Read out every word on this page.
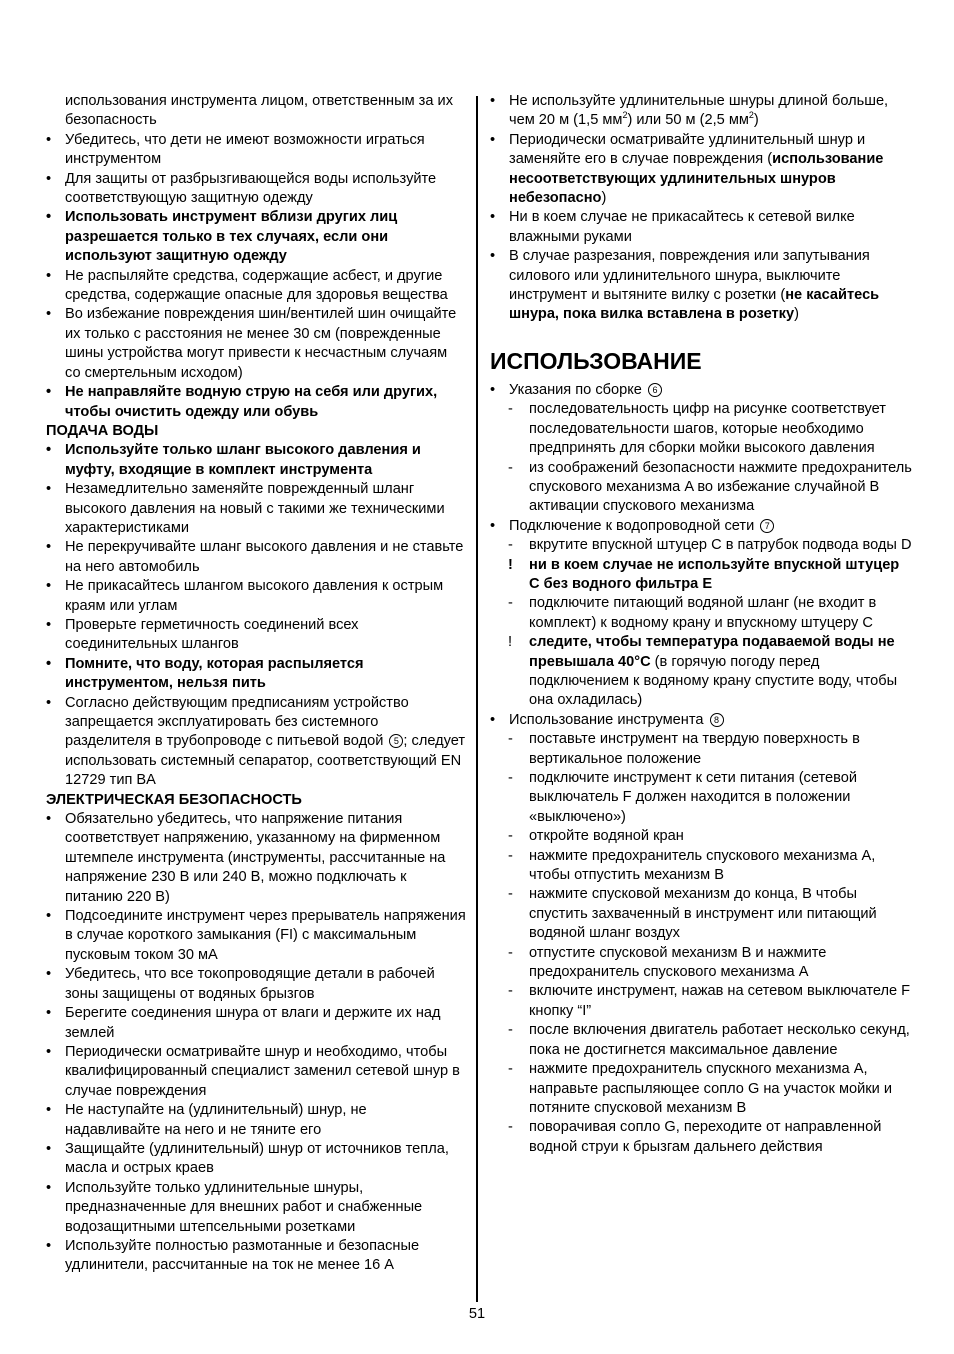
использования инструмента лицом, ответственным за их безопасность
• Убедитесь, что дети не имеют возможности играться инструментом
• Для защиты от разбрызгивающейся воды используйте соответствующую защитную одежду
• Использовать инструмент вблизи других лиц разрешается только в тех случаях, если они используют защитную одежду
• Не распыляйте средства, содержащие асбест, и другие средства, содержащие опасные для здоровья вещества
• Во избежание повреждения шин/вентилей шин очищайте их только с расстояния не менее 30 см (поврежденные шины устройства могут привести к несчастным случаям со смертельным исходом)
• Не направляйте водную струю на себя или других, чтобы очистить одежду или обувь
ПОДАЧА ВОДЫ
• Используйте только шланг высокого давления и муфту, входящие в комплект инструмента
• Незамедлительно заменяйте поврежденный шланг высокого давления на новый с такими же техническими характеристиками
• Не перекручивайте шланг высокого давления и не ставьте на него автомобиль
• Не прикасайтесь шлангом высокого давления к острым краям или углам
• Проверьте герметичность соединений всех соединительных шлангов
• Помните, что воду, которая распыляется инструментом, нельзя пить
• Согласно действующим предписаниям устройство запрещается эксплуатировать без системного разделителя в трубопроводе с питьевой водой 5 ; следует использовать системный сепаратор, соответствующий EN 12729 тип BA
ЭЛЕКТРИЧЕСКАЯ БЕЗОПАСНОСТЬ
• Обязательно убедитесь, что напряжение питания соответствует напряжению, указанному на фирменном штемпеле инструмента (инструменты, рассчитанные на напряжение 230 В или 240 В, можно подключать к питанию 220 В)
• Подсоедините инструмент через прерыватель напряжения в случае короткого замыкания (FI) с максимальным пусковым током 30 мА
• Убедитесь, что все токопроводящие детали в рабочей зоны защищены от водяных брызгов
• Берегите соединения шнура от влаги и держите их над землей
• Периодически осматривайте шнур и необходимо, чтобы квалифицированный специалист заменил сетевой шнур в случае повреждения
• Не наступайте на (удлинительный) шнур, не надавливайте на него и не тяните его
• Защищайте (удлинительный) шнур от источников тепла, масла и острых краев
• Используйте только удлинительные шнуры, предназначенные для внешних работ и снабженные водозащитными штепсельными розетками
• Используйте полностью размотанные и безопасные удлинители, рассчитанные на ток не менее 16 A
• Не используйте удлинительные шнуры длиной больше, чем 20 м (1,5 $мм^2$) или 50 м (2,5 $мм^2$)
• Периодически осматривайте удлинительный шнур и заменяйте его в случае повреждения (использование несоответствующих удлинительных шнуров небезопасно)
• Ни в коем случае не прикасайтесь к сетевой вилке влажными руками
• В случае разрезания, повреждения или запутывания силового или удлинительного шнура, выключите инструмент и вытяните вилку с розетки (не касайтесь шнура, пока вилка вставлена в розетку)
ИСПОЛЬЗОВАНИЕ
• Указания по сборке 6
- последовательность цифр на рисунке соответствует последовательности шагов, которые необходимо предпринять для сборки мойки высокого давления
- из соображений безопасности нажмите предохранитель спускового механизма A во избежание случайной B активации спускового механизма
• Подключение к водопроводной сети 7
- вкрутите впускной штуцер C в патрубок подвода воды D
! ни в коем случае не используйте впускной штуцер C без водного фильтра E
- подключите питающий водяной шланг (не входит в комплект) к водному крану и впускному штуцеру C
! следите, чтобы температура подаваемой воды не превышала 40°C (в горячую погоду перед подключением к водяному крану спустите воду, чтобы она охладилась)
• Использование инструмента 8
- поставьте инструмент на твердую поверхность в вертикальное положение
- подключите инструмент к сети питания (сетевой выключатель F должен находится в положении «выключено»)
- откройте водяной кран
- нажмите предохранитель спускового механизма A, чтобы отпустить механизм B
- нажмите спусковой механизм до конца, B чтобы спустить захваченный в инструмент или питающий водяной шланг воздух
- отпустите спусковой механизм B и нажмите предохранитель спускового механизма A
- включите инструмент, нажав на сетевом выключателе F кнопку “I”
- после включения двигатель работает несколько секунд, пока не достигнется максимальное давление
- нажмите предохранитель спускного механизма A, направьте распыляющее сопло G на участок мойки и потяните спусковой механизм B
- поворачивая сопло G, переходите от направленной водной струи к брызгам дальнего действия
51
